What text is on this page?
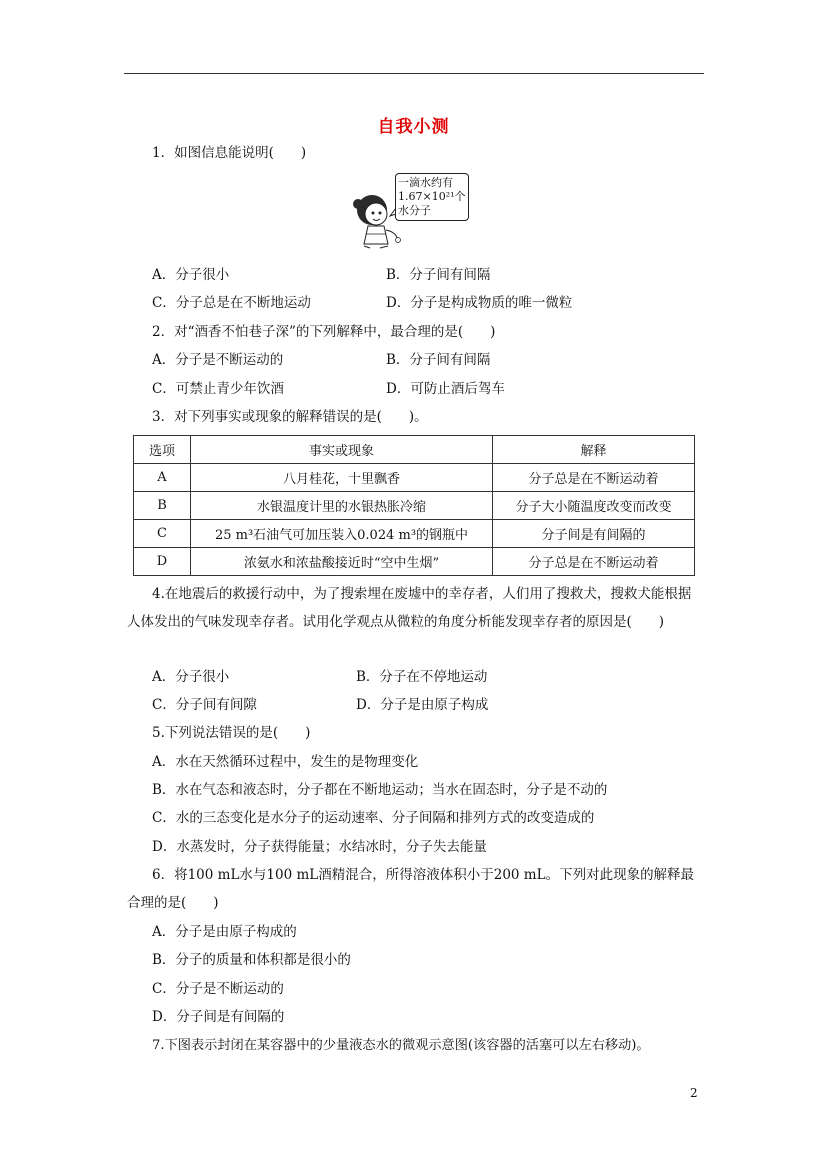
自我小测
1．如图信息能说明(　　)
一滴水约有
1.67×10²¹个
水分子
A．分子很小	B．分子间有间隔
C．分子总是在不断地运动	D．分子是构成物质的唯一微粒
2．对“酒香不怕巷子深”的下列解释中，最合理的是(　　)
A．分子是不断运动的	B．分子间有间隔
C．可禁止青少年饮酒	D．可防止酒后驾车
3．对下列事实或现象的解释错误的是(　　)。
选项	事实或现象	解释
A	八月桂花，十里飘香	分子总是在不断运动着
B	水银温度计里的水银热胀冷缩	分子大小随温度改变而改变
C	25 m³石油气可加压装入0.024 m³的钢瓶中	分子间是有间隔的
D	浓氨水和浓盐酸接近时“空中生烟”	分子总是在不断运动着
4.在地震后的救援行动中，为了搜索埋在废墟中的幸存者，人们用了搜救犬，搜救犬能根据人体发出的气味发现幸存者。试用化学观点从微粒的角度分析能发现幸存者的原因是(　　)
A．分子很小	B．分子在不停地运动
C．分子间有间隙	D．分子是由原子构成
5.下列说法错误的是(　　)
A．水在天然循环过程中，发生的是物理变化
B．水在气态和液态时，分子都在不断地运动；当水在固态时，分子是不动的
C．水的三态变化是水分子的运动速率、分子间隔和排列方式的改变造成的
D．水蒸发时，分子获得能量；水结冰时，分子失去能量
6．将100 mL水与100 mL酒精混合，所得溶液体积小于200 mL。下列对此现象的解释最合理的是(　　)
A．分子是由原子构成的
B．分子的质量和体积都是很小的
C．分子是不断运动的
D．分子间是有间隔的
7.下图表示封闭在某容器中的少量液态水的微观示意图(该容器的活塞可以左右移动)。
2
